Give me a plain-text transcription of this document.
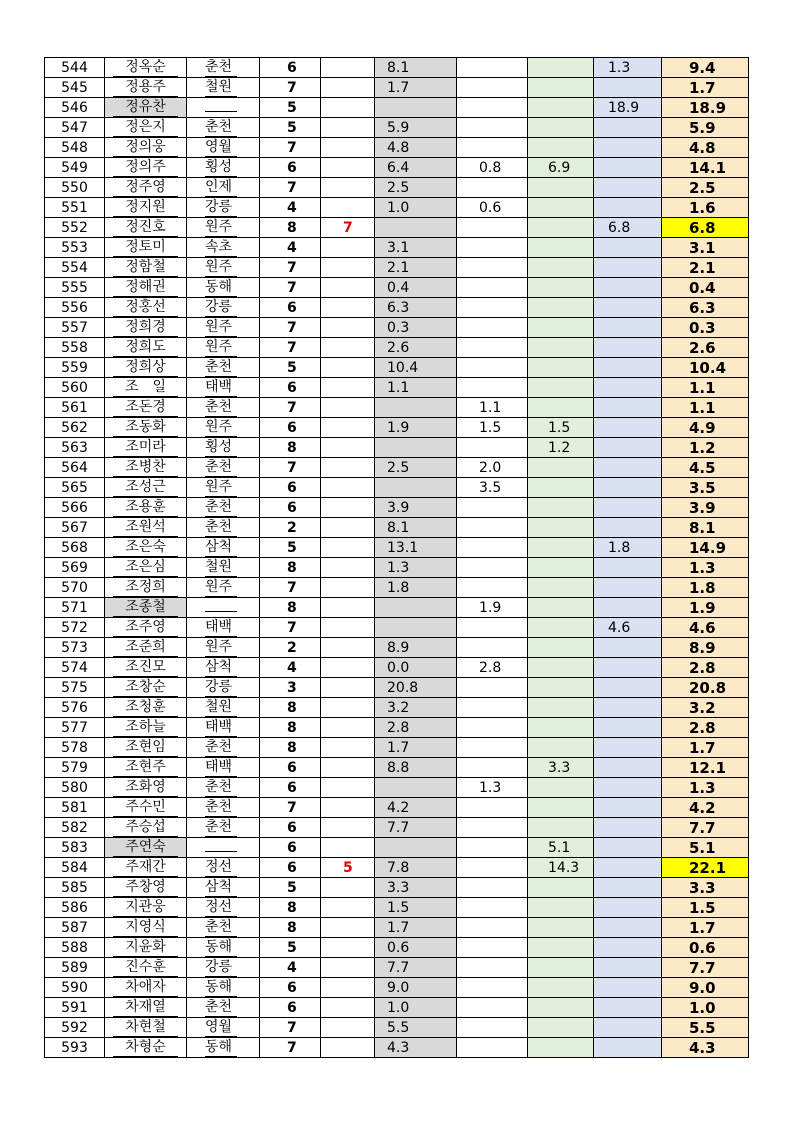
544	정옥순	춘천	6		8.1			1.3	9.4

545	정용주	철원	7		1.7				1.7

546	정유찬		5					18.9	18.9

547	정은지	춘천	5		5.9				5.9

548	정의웅	영월	7		4.8				4.8

549	정의주	횡성	6		6.4	0.8	6.9		14.1

550	정주영	인제	7		2.5				2.5

551	정지원	강릉	4		1.0	0.6			1.6

552	정진호	원주	8	7				6.8	6.8

553	정토미	속초	4		3.1				3.1

554	정함철	원주	7		2.1				2.1

555	정해권	동해	7		0.4				0.4

556	정홍선	강릉	6		6.3				6.3

557	정희경	원주	7		0.3				0.3

558	정희도	원주	7		2.6				2.6

559	정희상	춘천	5		10.4				10.4

560	조　일	태백	6		1.1				1.1

561	조돈경	춘천	7			1.1			1.1

562	조동화	원주	6		1.9	1.5	1.5		4.9

563	조미라	횡성	8				1.2		1.2

564	조병찬	춘천	7		2.5	2.0			4.5

565	조성근	원주	6			3.5			3.5

566	조용훈	춘천	6		3.9				3.9

567	조원석	춘천	2		8.1				8.1

568	조은숙	삼척	5		13.1			1.8	14.9

569	조은심	철원	8		1.3				1.3

570	조정희	원주	7		1.8				1.8

571	조종철		8			1.9			1.9

572	조주영	태백	7					4.6	4.6

573	조준희	원주	2		8.9				8.9

574	조진모	삼척	4		0.0	2.8			2.8

575	조창순	강릉	3		20.8				20.8

576	조청훈	철원	8		3.2				3.2

577	조하늘	태백	8		2.8				2.8

578	조현임	춘천	8		1.7				1.7

579	조현주	태백	6		8.8		3.3		12.1

580	조화영	춘천	6			1.3			1.3

581	주수민	춘천	7		4.2				4.2

582	주승섭	춘천	6		7.7				7.7

583	주연숙		6				5.1		5.1

584	주재간	정선	6	5	7.8		14.3		22.1

585	주창영	삼척	5		3.3				3.3

586	지관웅	정선	8		1.5				1.5

587	지영식	춘천	8		1.7				1.7

588	지윤화	동해	5		0.6				0.6

589	진수훈	강릉	4		7.7				7.7

590	차애자	동해	6		9.0				9.0

591	차재열	춘천	6		1.0				1.0

592	차현철	영월	7		5.5				5.5

593	차형순	동해	7		4.3				4.3
